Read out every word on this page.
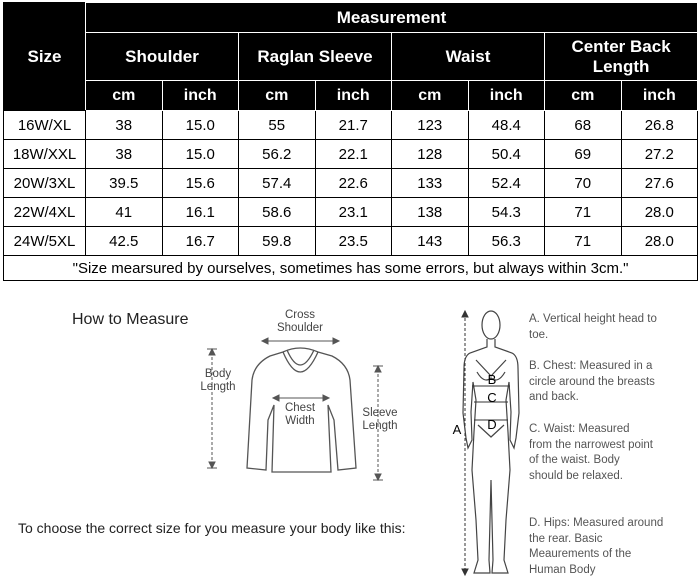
Size	Measurement							
	Shoulder		Raglan Sleeve		Waist		Center Back Length	
	cm	inch	cm	inch	cm	inch	cm	inch
16W/XL	38	15.0	55	21.7	123	48.4	68	26.8
18W/XXL	38	15.0	56.2	22.1	128	50.4	69	27.2
20W/3XL	39.5	15.6	57.4	22.6	133	52.4	70	27.6
22W/4XL	41	16.1	58.6	23.1	138	54.3	71	28.0
24W/5XL	42.5	16.7	59.8	23.5	143	56.3	71	28.0
"Size mearsured by ourselves, sometimes has some errors, but always within 3cm."								
How to Measure
To choose the correct size for you measure your body like this:
Cross Shoulder
Body Length
Chest Width
Sleeve Length	A
B
C
D
A. Vertical height head to toe.
B. Chest: Measured in a circle around the breasts and back.
C. Waist: Measured from the narrowest point of the waist. Body should be relaxed.
D. Hips: Measured around the rear. Basic Meaurements of the Human Body
